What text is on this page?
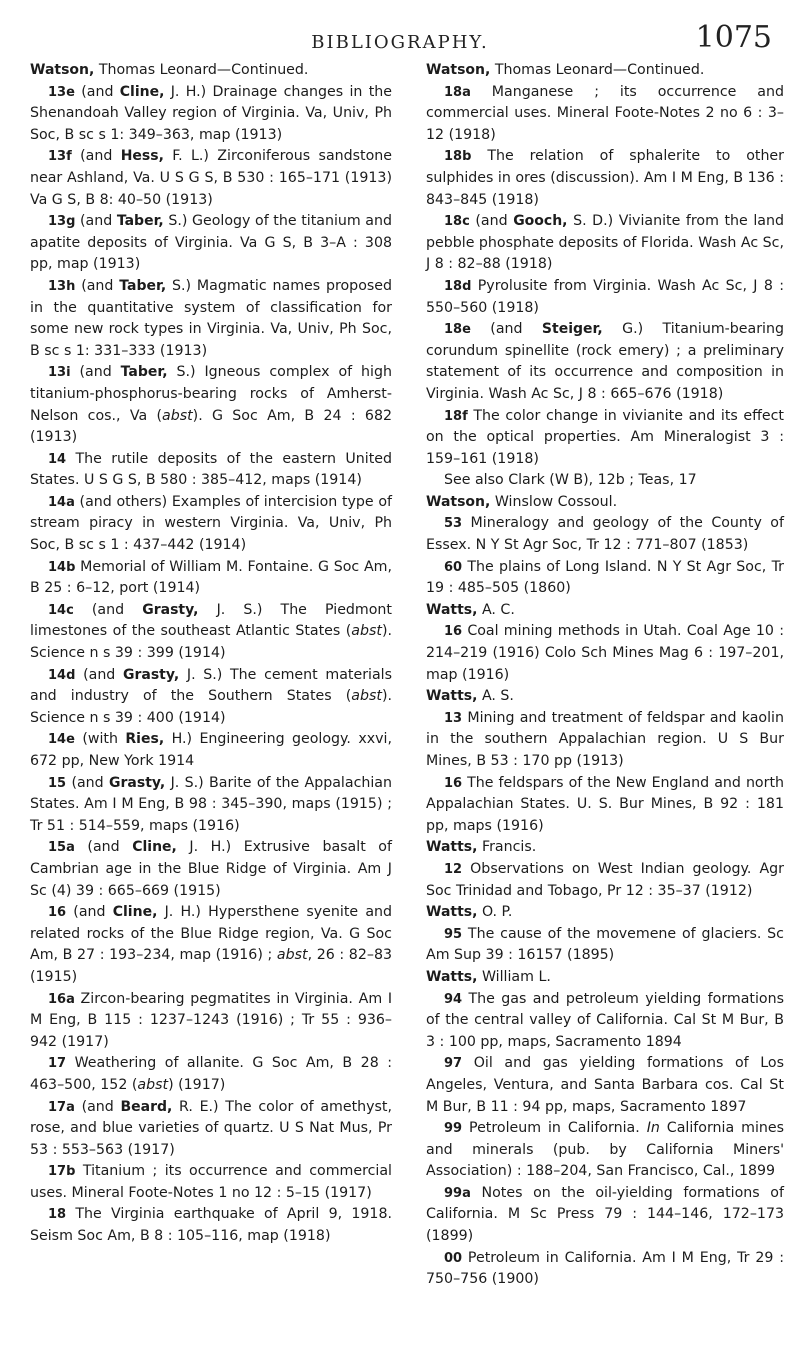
BIBLIOGRAPHY.	1075

Watson, Thomas Leonard—Continued.

13e (and Cline, J. H.) Drainage changes in the Shenandoah Valley region of Virginia. Va, Univ, Ph Soc, B sc s 1: 349–363, map (1913)

13f (and Hess, F. L.) Zirconiferous sandstone near Ashland, Va. U S G S, B 530 : 165–171 (1913) Va G S, B 8: 40–50 (1913)

13g (and Taber, S.) Geology of the titanium and apatite deposits of Virginia. Va G S, B 3–A : 308 pp, map (1913)

13h (and Taber, S.) Magmatic names proposed in the quantitative system of classification for some new rock types in Virginia. Va, Univ, Ph Soc, B sc s 1: 331–333 (1913)

13i (and Taber, S.) Igneous complex of high titanium-phosphorus-bearing rocks of Amherst-Nelson cos., Va (abst). G Soc Am, B 24 : 682 (1913)

14 The rutile deposits of the eastern United States. U S G S, B 580 : 385–412, maps (1914)

14a (and others) Examples of intercision type of stream piracy in western Virginia. Va, Univ, Ph Soc, B sc s 1 : 437–442 (1914)

14b Memorial of William M. Fontaine. G Soc Am, B 25 : 6–12, port (1914)

14c (and Grasty, J. S.) The Piedmont limestones of the southeast Atlantic States (abst). Science n s 39 : 399 (1914)

14d (and Grasty, J. S.) The cement materials and industry of the Southern States (abst). Science n s 39 : 400 (1914)

14e (with Ries, H.) Engineering geology. xxvi, 672 pp, New York 1914

15 (and Grasty, J. S.) Barite of the Appalachian States. Am I M Eng, B 98 : 345–390, maps (1915) ; Tr 51 : 514–559, maps (1916)

15a (and Cline, J. H.) Extrusive basalt of Cambrian age in the Blue Ridge of Virginia. Am J Sc (4) 39 : 665–669 (1915)

16 (and Cline, J. H.) Hypersthene syenite and related rocks of the Blue Ridge region, Va. G Soc Am, B 27 : 193–234, map (1916) ; abst, 26 : 82–83 (1915)

16a Zircon-bearing pegmatites in Virginia. Am I M Eng, B 115 : 1237–1243 (1916) ; Tr 55 : 936–942 (1917)

17 Weathering of allanite. G Soc Am, B 28 : 463–500, 152 (abst) (1917)

17a (and Beard, R. E.) The color of amethyst, rose, and blue varieties of quartz. U S Nat Mus, Pr 53 : 553–563 (1917)

17b Titanium ; its occurrence and commercial uses. Mineral Foote-Notes 1 no 12 : 5–15 (1917)

18 The Virginia earthquake of April 9, 1918. Seism Soc Am, B 8 : 105–116, map (1918)

Watson, Thomas Leonard—Continued.

18a Manganese ; its occurrence and commercial uses. Mineral Foote-Notes 2 no 6 : 3–12 (1918)

18b The relation of sphalerite to other sulphides in ores (discussion). Am I M Eng, B 136 : 843–845 (1918)

18c (and Gooch, S. D.) Vivianite from the land pebble phosphate deposits of Florida. Wash Ac Sc, J 8 : 82–88 (1918)

18d Pyrolusite from Virginia. Wash Ac Sc, J 8 : 550–560 (1918)

18e (and Steiger, G.) Titanium-bearing corundum spinellite (rock emery) ; a preliminary statement of its occurrence and composition in Virginia. Wash Ac Sc, J 8 : 665–676 (1918)

18f The color change in vivianite and its effect on the optical properties. Am Mineralogist 3 : 159–161 (1918)

See also Clark (W B), 12b ; Teas, 17

Watson, Winslow Cossoul.

53 Mineralogy and geology of the County of Essex. N Y St Agr Soc, Tr 12 : 771–807 (1853)

60 The plains of Long Island. N Y St Agr Soc, Tr 19 : 485–505 (1860)

Watts, A. C.

16 Coal mining methods in Utah. Coal Age 10 : 214–219 (1916) Colo Sch Mines Mag 6 : 197–201, map (1916)

Watts, A. S.

13 Mining and treatment of feldspar and kaolin in the southern Appalachian region. U S Bur Mines, B 53 : 170 pp (1913)

16 The feldspars of the New England and north Appalachian States. U. S. Bur Mines, B 92 : 181 pp, maps (1916)

Watts, Francis.

12 Observations on West Indian geology. Agr Soc Trinidad and Tobago, Pr 12 : 35–37 (1912)

Watts, O. P.

95 The cause of the movemene of glaciers. Sc Am Sup 39 : 16157 (1895)

Watts, William L.

94 The gas and petroleum yielding formations of the central valley of California. Cal St M Bur, B 3 : 100 pp, maps, Sacramento 1894

97 Oil and gas yielding formations of Los Angeles, Ventura, and Santa Barbara cos. Cal St M Bur, B 11 : 94 pp, maps, Sacramento 1897

99 Petroleum in California. In California mines and minerals (pub. by California Miners' Association) : 188–204, San Francisco, Cal., 1899

99a Notes on the oil-yielding formations of California. M Sc Press 79 : 144–146, 172–173 (1899)

00 Petroleum in California. Am I M Eng, Tr 29 : 750–756 (1900)
